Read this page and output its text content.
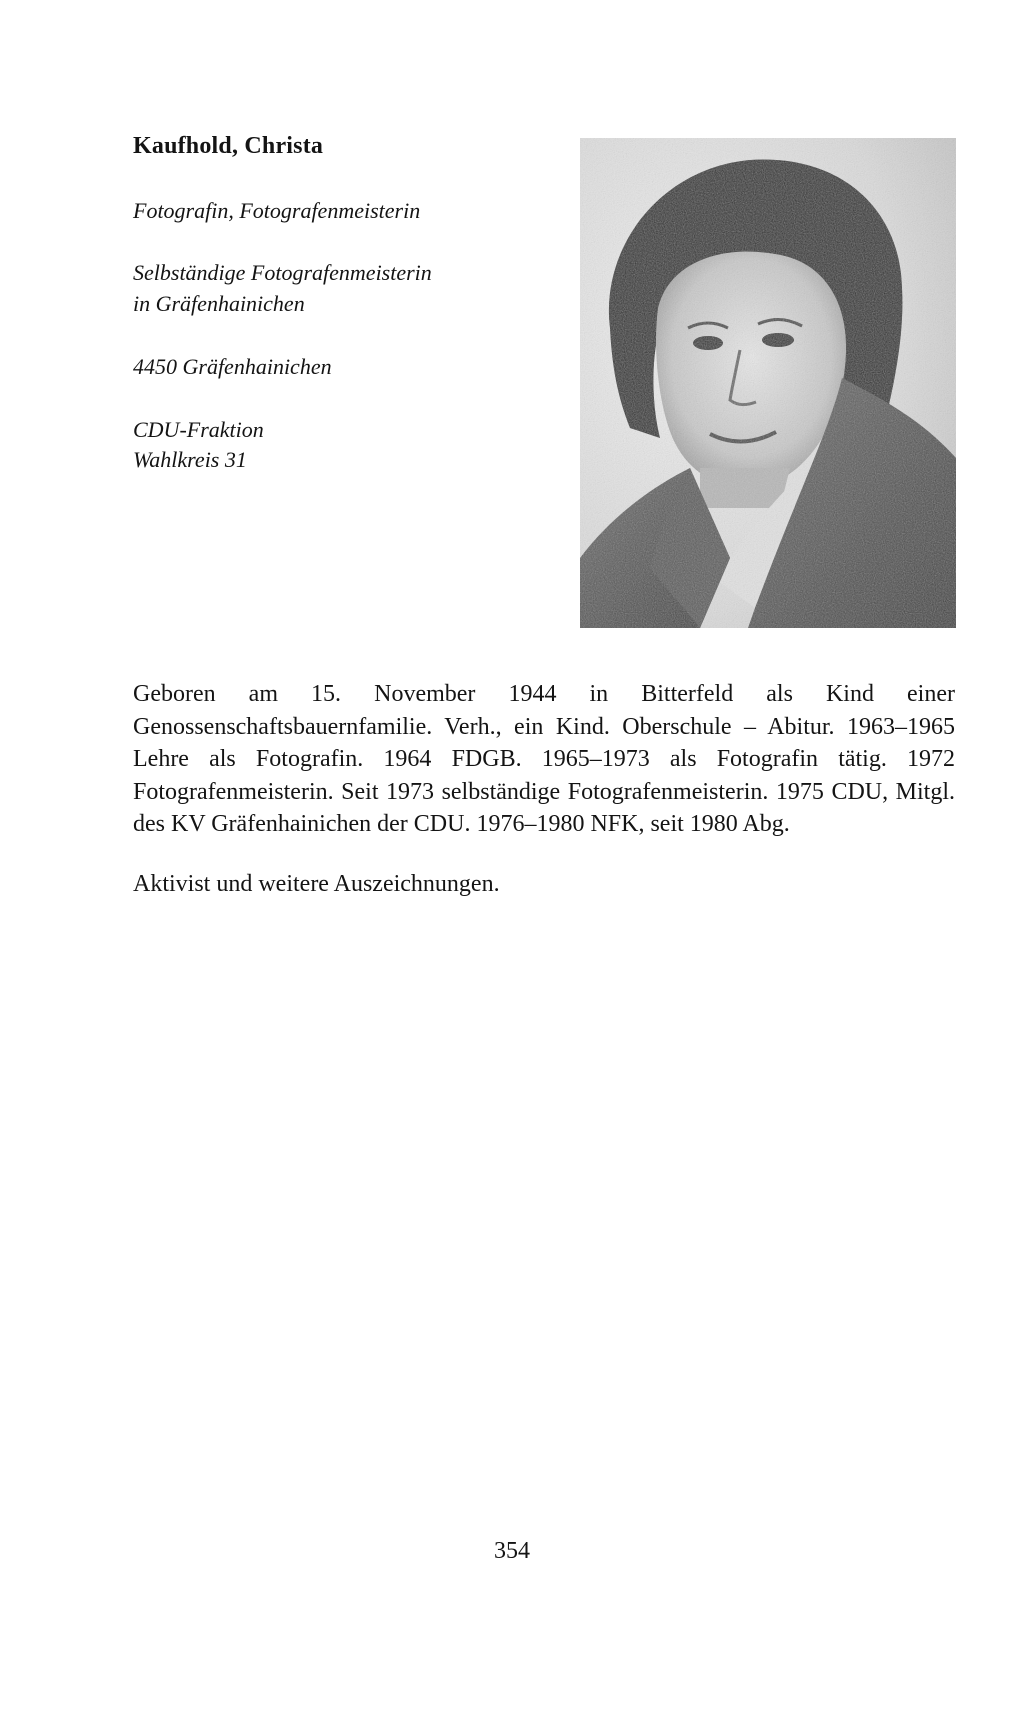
Kaufhold, Christa

Fotografin, Fotografenmeisterin

Selbständige Fotografenmeisterin

in Gräfenhainichen

4450 Gräfenhainichen

CDU-Fraktion

Wahlkreis 31

Geboren am 15. November 1944 in Bitterfeld als Kind einer Genossenschaftsbauernfamilie. Verh., ein Kind. Oberschule – Abitur. 1963–1965 Lehre als Fotografin. 1964 FDGB. 1965–1973 als Fotografin tätig. 1972 Fotografenmeisterin. Seit 1973 selbständige Fotografenmeisterin. 1975 CDU, Mitgl. des KV Gräfenhainichen der CDU. 1976–1980 NFK, seit 1980 Abg.

Aktivist und weitere Auszeichnungen.

354
